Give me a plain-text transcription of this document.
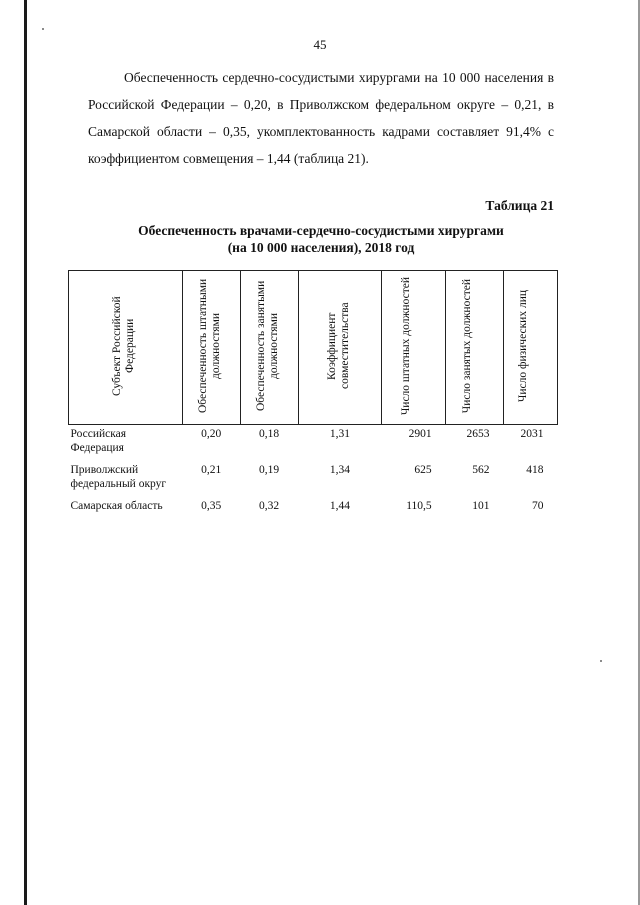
45

Обеспеченность сердечно-сосудистыми хирургами на 10 000 населения в Российской Федерации – 0,20, в Приволжском федеральном округе – 0,21, в Самарской области – 0,35, укомплектованность кадрами составляет 91,4% с коэффициентом совмещения – 1,44 (таблица 21).

Таблица 21
Обеспеченность врачами-сердечно-сосудистыми хирургами
(на 10 000 населения), 2018 год
Субъект Российской Федерации	Обеспеченность штатными должностями	Обеспеченность занятыми должностями	Коэффициент совместительства	Число штатных должностей	Число занятых должностей	Число физических лиц
Российская Федерация	0,20	0,18	1,31	2901	2653	2031
Приволжский федеральный округ	0,21	0,19	1,34	625	562	418
Самарская область	0,35	0,32	1,44	110,5	101	70
